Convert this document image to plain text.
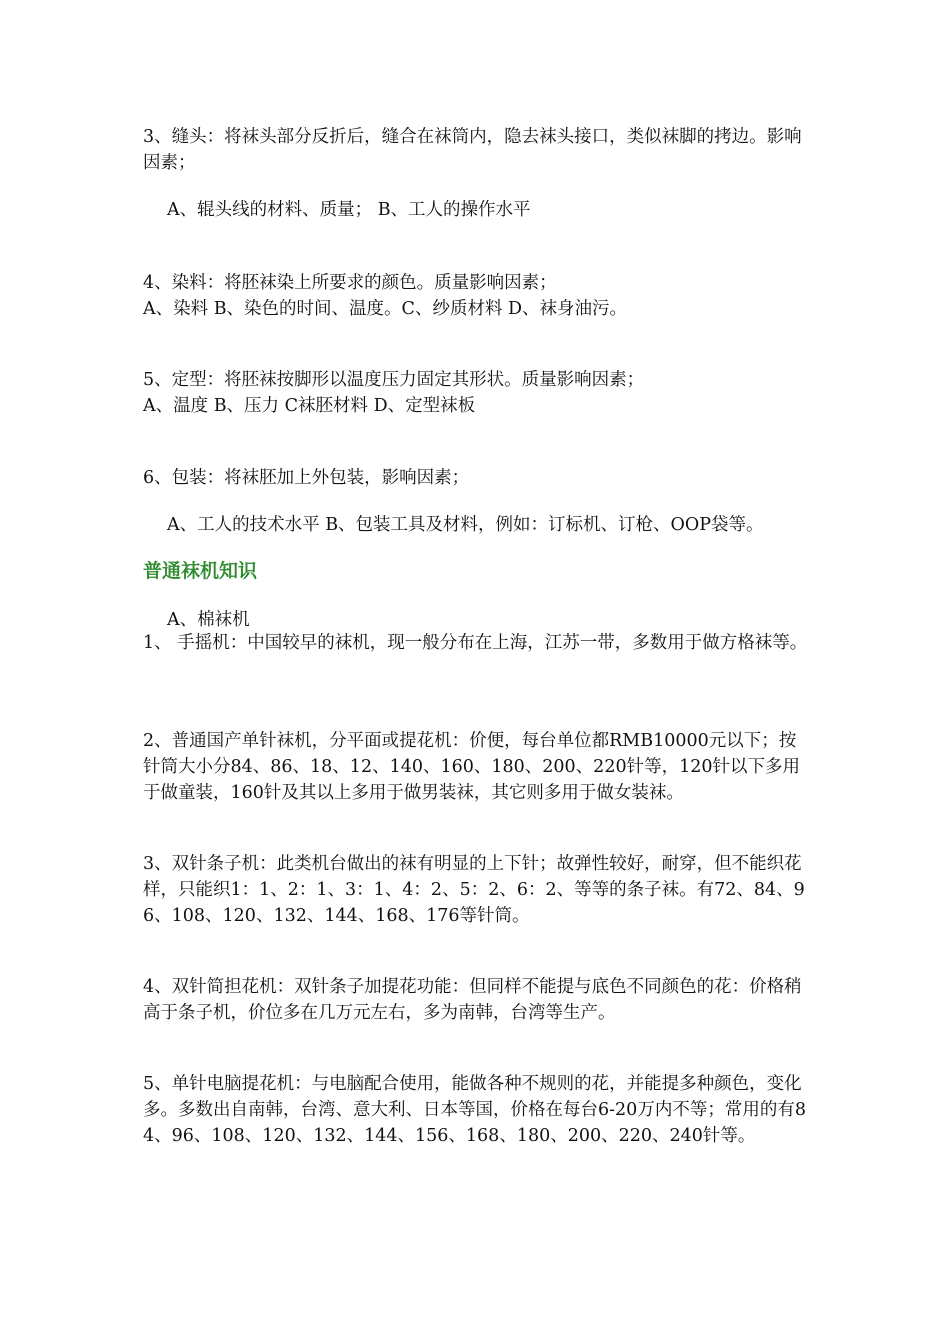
3、缝头：将袜头部分反折后，缝合在袜筒内，隐去袜头接口，类似袜脚的拷边。影响因素；

A、辊头线的材料、质量； B、工人的操作水平

4、染料：将胚袜染上所要求的颜色。质量影响因素；

A、染料 B、染色的时间、温度。C、纱质材料 D、袜身油污。

5、定型：将胚袜按脚形以温度压力固定其形状。质量影响因素；

A、温度 B、压力 C袜胚材料 D、定型袜板

6、包装：将袜胚加上外包装，影响因素；

A、工人的技术水平 B、包装工具及材料，例如：订标机、订枪、OOP袋等。

普通袜机知识

A、棉袜机

1、 手摇机：中国较早的袜机，现一般分布在上海，江苏一带，多数用于做方格袜等。

2、普通国产单针袜机，分平面或提花机：价便，每台单位都RMB10000元以下；按针筒大小分84、86、18、12、140、160、180、200、220针等，120针以下多用于做童装，160针及其以上多用于做男装袜，其它则多用于做女装袜。

3、双针条子机：此类机台做出的袜有明显的上下针；故弹性较好，耐穿，但不能织花样，只能织1：1、2：1、3：1、4：2、5：2、6：2、等等的条子袜。有72、84、96、108、120、132、144、168、176等针筒。

4、双针简担花机：双针条子加提花功能：但同样不能提与底色不同颜色的花：价格稍高于条子机，价位多在几万元左右，多为南韩，台湾等生产。

5、单针电脑提花机：与电脑配合使用，能做各种不规则的花，并能提多种颜色，变化多。多数出自南韩，台湾、意大利、日本等国，价格在每台6-20万内不等；常用的有84、96、108、120、132、144、156、168、180、200、220、240针等。
